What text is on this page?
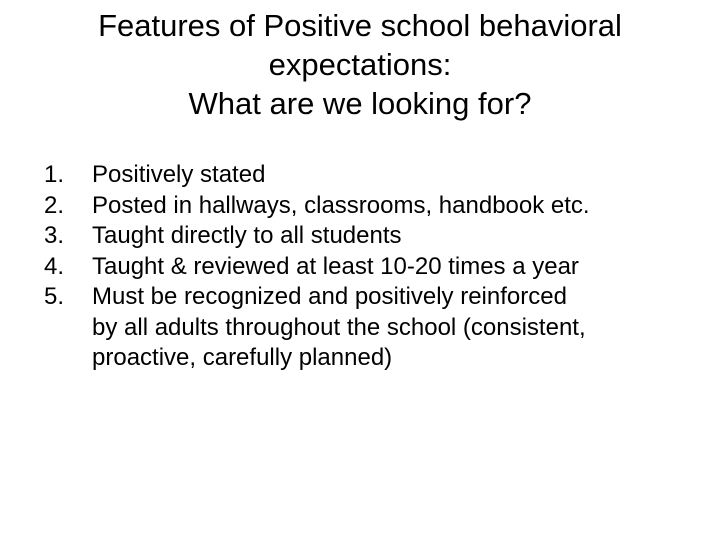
Features of Positive school behavioral
expectations:
What are we looking for?
1.	Positively stated
2.	Posted in hallways, classrooms, handbook etc.
3.	Taught directly to all students
4.	Taught & reviewed at least 10-20 times a year
5.	Must be recognized and positively reinforced
by all adults throughout the school (consistent,
proactive, carefully planned)
